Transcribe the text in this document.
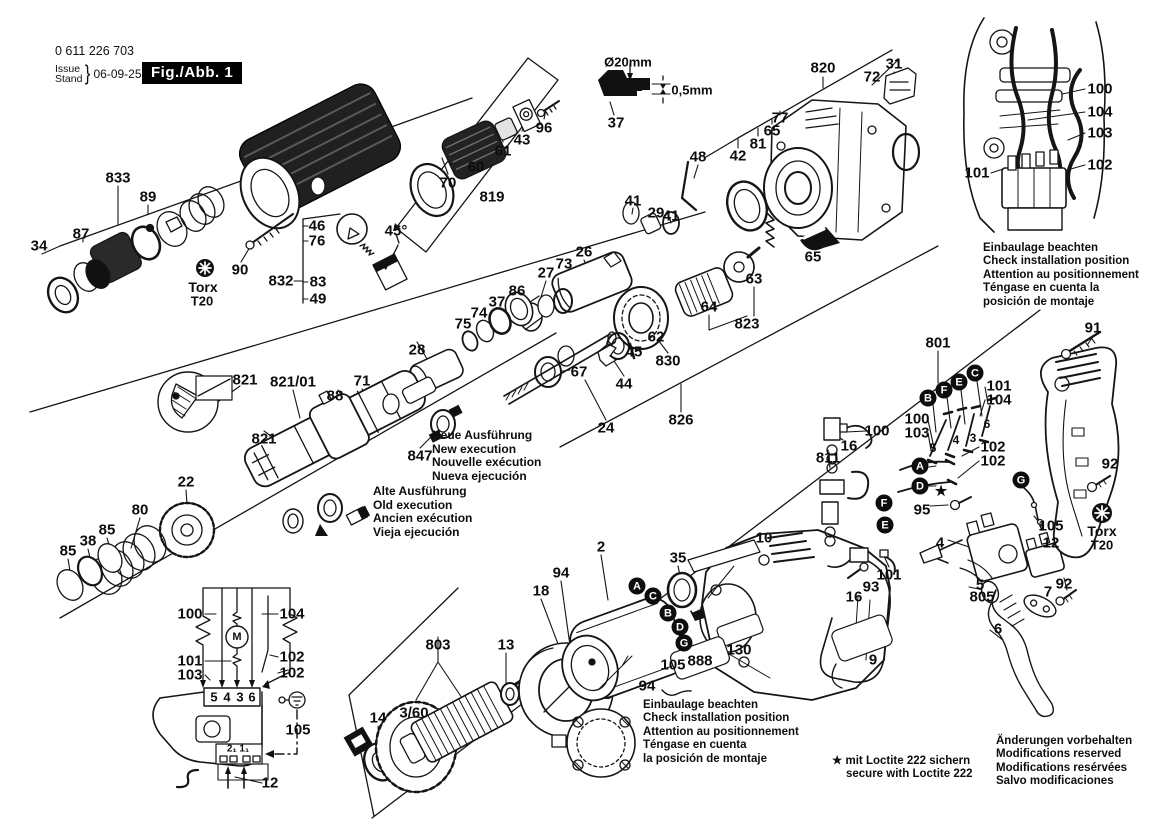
0 611 226 703
Issue
Stand } 06-09-25 Fig./Abb. 1
Einbaulage beachten
Check installation position
Attention au positionnement
Téngase en cuenta la
posición de montaje
Einbaulage beachten
Check installation position
Attention au positionnement
Téngase en cuenta
la posición de montaje	★ mit Loctite 222 sichern
secure with Loctite 222
Änderungen vorbehalten
Modifications reserved
Modifications resérvées
Salvo modificaciones
Neue Ausführung
New execution
Nouvelle exécution
Nueva ejecución
Alte Ausführung
Old execution
Ancien exécution
Vieja ejecución
833
89
87
34
90
Torx
T20
832
46
76
83
49
45°
70
60
61
43
96
819
Ø20mm
0,5mm
37
820	31
72
77
65
81
42
48
41
29
41
26
73
27
65
63
64
823
62
830
45
44
67
24	826
86
37
74
75
28
71
88
821/01
821
821
847
22
80
85
38
85
100	104
101
103
102
102
5 4 3 6
M
2₁ 1₁
105
12
14 3/60
803	13
18
94
2
35
94
105
10
130
888	9
801
100
103
101
104
5
4 3
6
102
102
★
95
100
16
811
4
101
93
16
5
805	7
6
105
12
91
92
92
Torx
T20
100
104
103
102
101
A
C
B
D
G
B
F
E
C
A
D
F
E
G
